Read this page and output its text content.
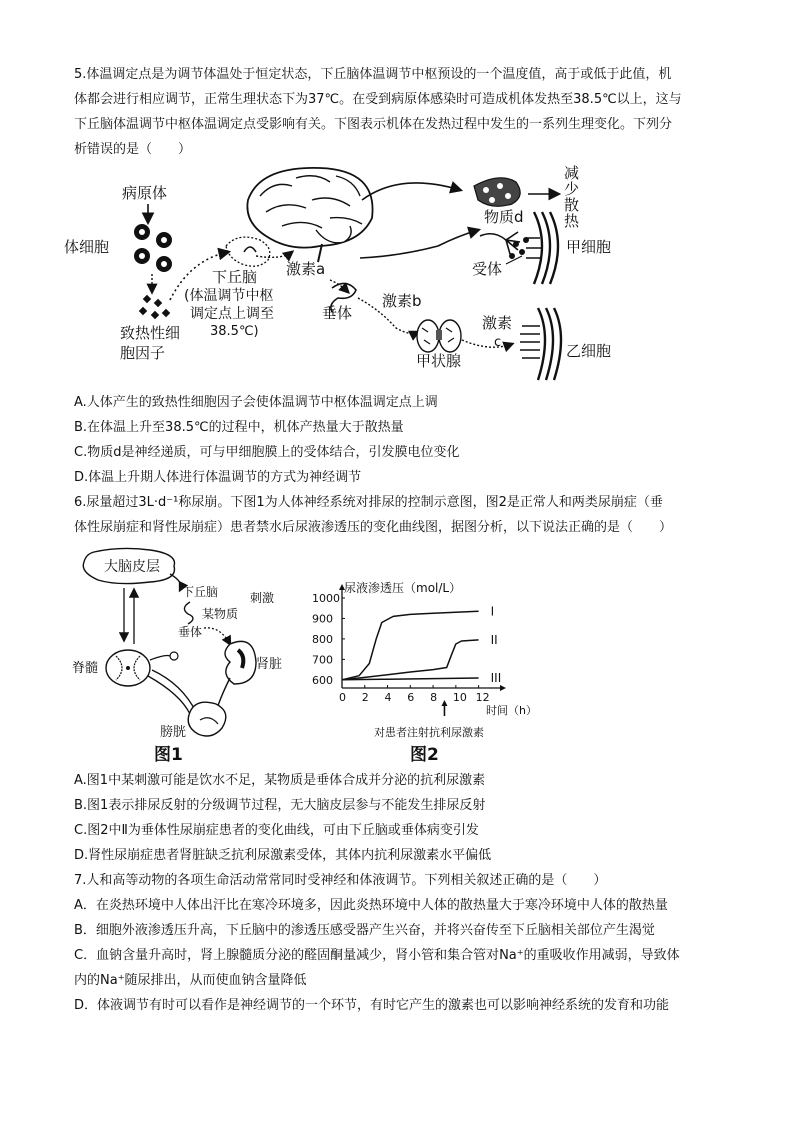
5.体温调定点是为调节体温处于恒定状态，下丘脑体温调节中枢预设的一个温度值，高于或低于此值，机
体都会进行相应调节，正常生理状态下为37℃。在受到病原体感染时可造成机体发热至38.5℃以上，这与
下丘脑体温调节中枢体温调定点受影响有关。下图表示机体在发热过程中发生的一系列生理变化。下列分
析错误的是（　　）
病原体
体细胞
致热性细
胞因子
下丘脑
(体温调节中枢
调定点上调至
38.5℃)
激素a
垂体
激素b
甲状腺
激素
c	乙细胞
减
少
散
热
物质d
甲细胞
受体
A.人体产生的致热性细胞因子会使体温调节中枢体温调定点上调
B.在体温上升至38.5℃的过程中，机体产热量大于散热量
C.物质d是神经递质，可与甲细胞膜上的受体结合，引发膜电位变化
D.体温上升期人体进行体温调节的方式为神经调节
6.尿量超过3L·d⁻¹称尿崩。下图1为人体神经系统对排尿的控制示意图，图2是正常人和两类尿崩症（垂
体性尿崩症和肾性尿崩症）患者禁水后尿液渗透压的变化曲线图，据图分析，以下说法正确的是（　　）
大脑皮层
下丘脑	刺激
某物质
垂体
脊髓	肾脏
膀胱
图1
尿液渗透压（mol/L）
0 2 4 6 8 10 12
600
700
800
900
1000
I
II
III
时间（h）
对患者注射抗利尿激素
图2
A.图1中某刺激可能是饮水不足，某物质是垂体合成并分泌的抗利尿激素
B.图1表示排尿反射的分级调节过程，无大脑皮层参与不能发生排尿反射
C.图2中Ⅱ为垂体性尿崩症患者的变化曲线，可由下丘脑或垂体病变引发
D.肾性尿崩症患者肾脏缺乏抗利尿激素受体，其体内抗利尿激素水平偏低
7.人和高等动物的各项生命活动常常同时受神经和体液调节。下列相关叙述正确的是（　　）
A．在炎热环境中人体出汗比在寒冷环境多，因此炎热环境中人体的散热量大于寒冷环境中人体的散热量
B．细胞外液渗透压升高，下丘脑中的渗透压感受器产生兴奋，并将兴奋传至下丘脑相关部位产生渴觉
C．血钠含量升高时，肾上腺髓质分泌的醛固酮量减少，肾小管和集合管对Na⁺的重吸收作用减弱，导致体
内的Na⁺随尿排出，从而使血钠含量降低
D．体液调节有时可以看作是神经调节的一个环节，有时它产生的激素也可以影响神经系统的发育和功能
